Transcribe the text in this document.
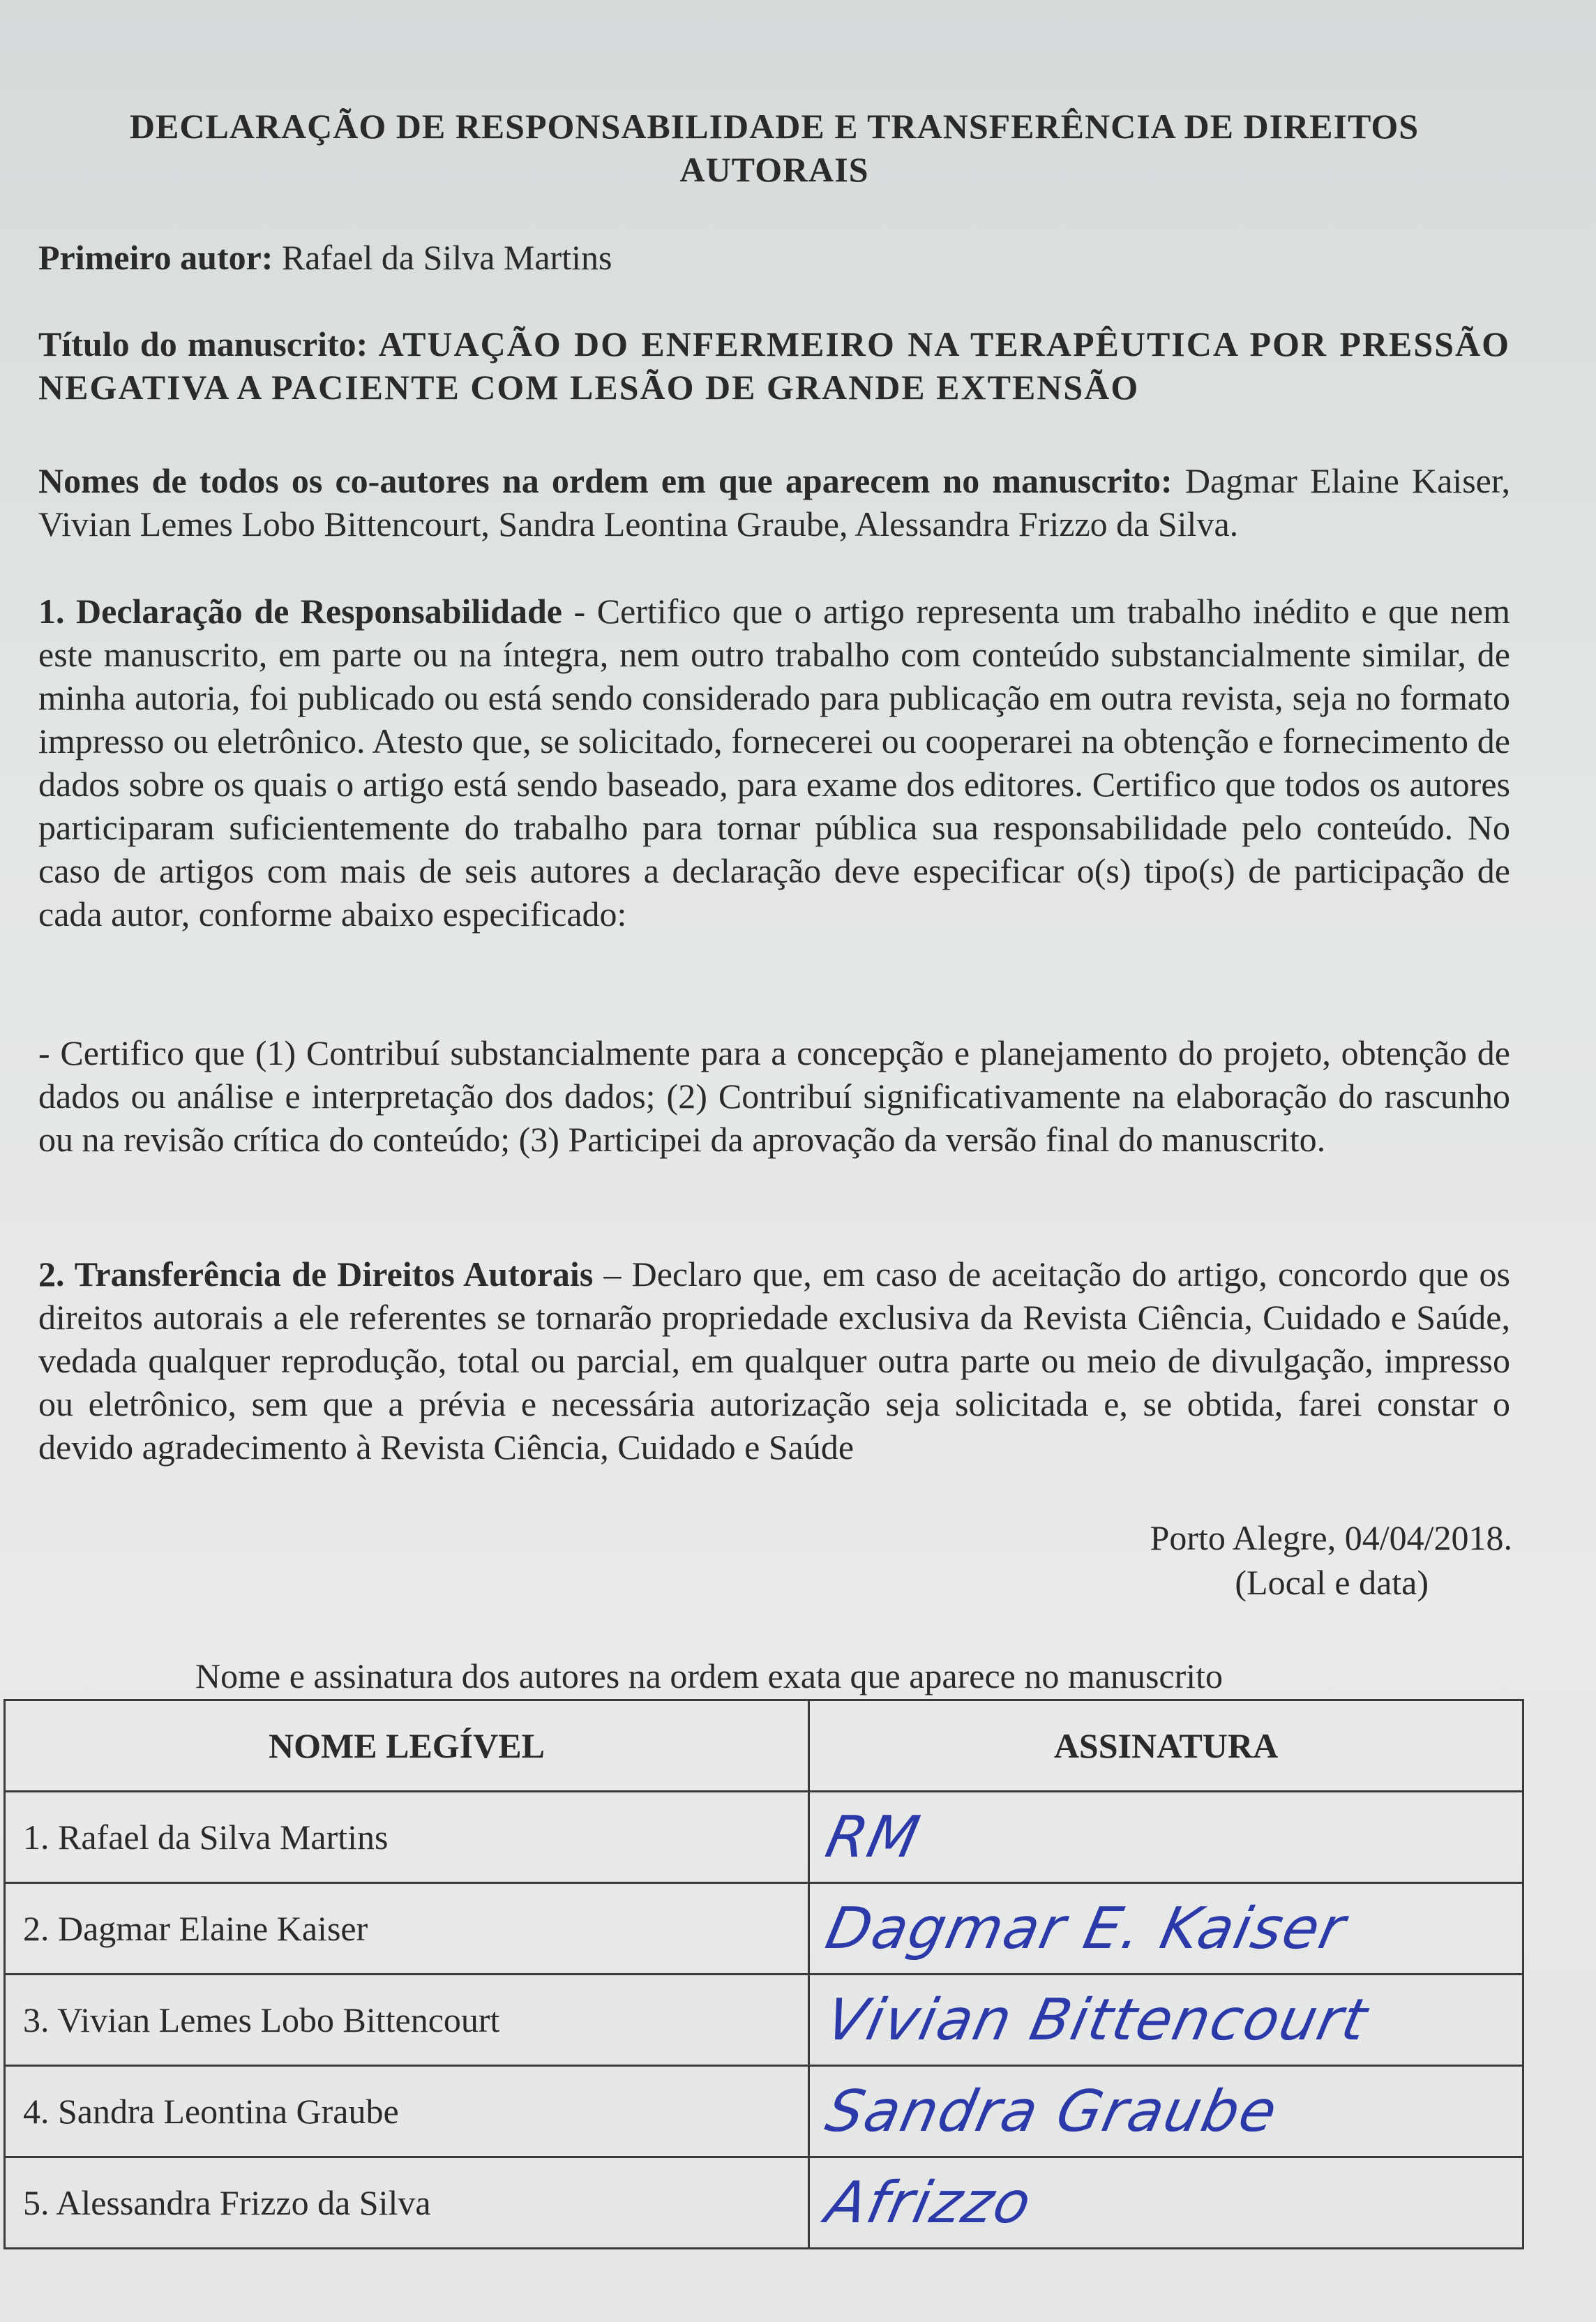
DECLARAÇÃO DE RESPONSABILIDADE E TRANSFERÊNCIA DE DIREITOS
AUTORAIS
Primeiro autor: Rafael da Silva Martins
Título do manuscrito: ATUAÇÃO DO ENFERMEIRO NA TERAPÊUTICA POR PRESSÃO NEGATIVA A PACIENTE COM LESÃO DE GRANDE EXTENSÃO
Nomes de todos os co-autores na ordem em que aparecem no manuscrito: Dagmar Elaine Kaiser, Vivian Lemes Lobo Bittencourt, Sandra Leontina Graube, Alessandra Frizzo da Silva.
1. Declaração de Responsabilidade - Certifico que o artigo representa um trabalho inédito e que nem este manuscrito, em parte ou na íntegra, nem outro trabalho com conteúdo substancialmente similar, de minha autoria, foi publicado ou está sendo considerado para publicação em outra revista, seja no formato impresso ou eletrônico. Atesto que, se solicitado, fornecerei ou cooperarei na obtenção e fornecimento de dados sobre os quais o artigo está sendo baseado, para exame dos editores. Certifico que todos os autores participaram suficientemente do trabalho para tornar pública sua responsabilidade pelo conteúdo. No caso de artigos com mais de seis autores a declaração deve especificar o(s) tipo(s) de participação de cada autor, conforme abaixo especificado:
- Certifico que (1) Contribuí substancialmente para a concepção e planejamento do projeto, obtenção de dados ou análise e interpretação dos dados; (2) Contribuí significativamente na elaboração do rascunho ou na revisão crítica do conteúdo; (3) Participei da aprovação da versão final do manuscrito.
2. Transferência de Direitos Autorais – Declaro que, em caso de aceitação do artigo, concordo que os direitos autorais a ele referentes se tornarão propriedade exclusiva da Revista Ciência, Cuidado e Saúde, vedada qualquer reprodução, total ou parcial, em qualquer outra parte ou meio de divulgação, impresso ou eletrônico, sem que a prévia e necessária autorização seja solicitada e, se obtida, farei constar o devido agradecimento à Revista Ciência, Cuidado e Saúde
Porto Alegre, 04/04/2018.
(Local e data)
Nome e assinatura dos autores na ordem exata que aparece no manuscrito
NOME LEGÍVEL	ASSINATURA
1. Rafael da Silva Martins	RM
2. Dagmar Elaine Kaiser	Dagmar E. Kaiser
3. Vivian Lemes Lobo Bittencourt	Vivian Bittencourt
4. Sandra Leontina Graube	Sandra Graube
5. Alessandra Frizzo da Silva	Afrizzo
